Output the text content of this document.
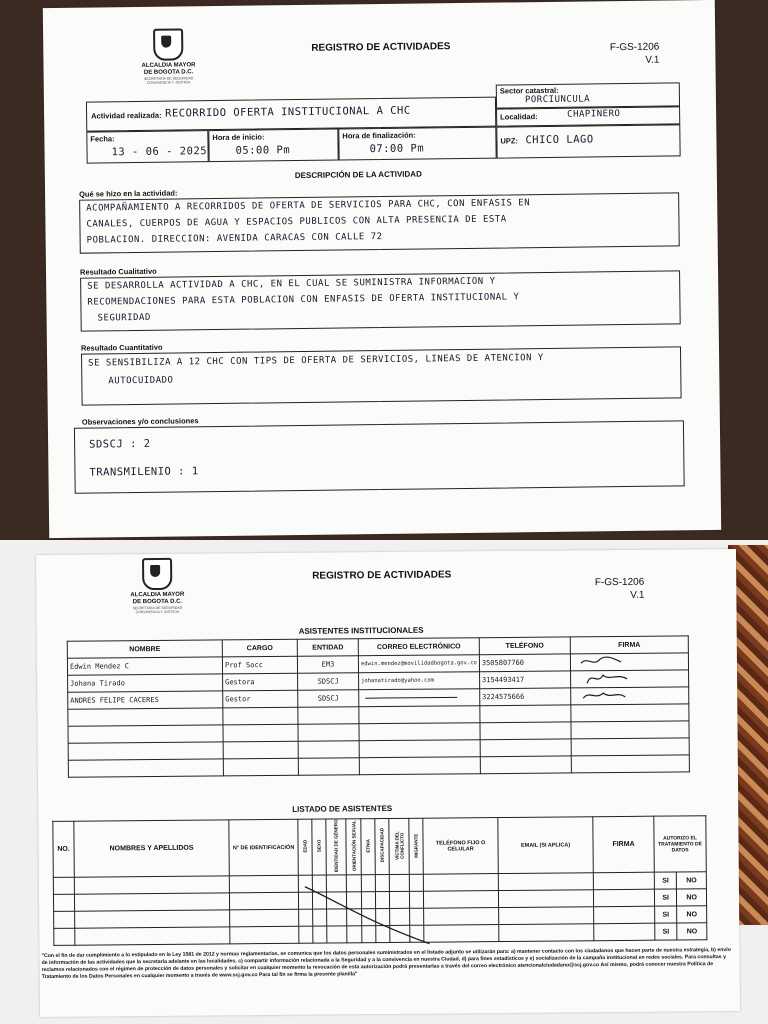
ALCALDIA MAYOR DE BOGOTA D.C.
SECRETARIA DE SEGURIDAD CONVIVENCIA Y JUSTICIA
REGISTRO DE ACTIVIDADES	F-GS-1206
V.1
Actividad realizada: RECORRIDO OFERTA INSTITUCIONAL A CHC
Sector catastral:
PORCIUNCULA
Localidad:	CHAPINERO
Fecha:
13 - 06 - 2025
Hora de inicio:
05:00 Pm
Hora de finalización:
07:00 Pm
UPZ: CHICO LAGO
DESCRIPCIÓN DE LA ACTIVIDAD
Qué se hizo en la actividad:
ACOMPAÑAMIENTO A RECORRIDOS DE OFERTA DE SERVICIOS PARA CHC, CON ENFASIS EN
CANALES, CUERPOS DE AGUA Y ESPACIOS PUBLICOS CON ALTA PRESENCIA DE ESTA
POBLACION. DIRECCION: AVENIDA CARACAS CON CALLE 72
Resultado Cualitativo
SE DESARROLLA ACTIVIDAD A CHC, EN EL CUAL SE SUMINISTRA INFORMACION Y
RECOMENDACIONES PARA ESTA POBLACION CON ENFASIS DE OFERTA INSTITUCIONAL Y
SEGURIDAD
Resultado Cuantitativo
SE SENSIBILIZA A 12 CHC CON TIPS DE OFERTA DE SERVICIOS, LINEAS DE ATENCION Y
AUTOCUIDADO
Observaciones y/o conclusiones
SDSCJ : 2
TRANSMILENIO : 1
ALCALDIA MAYOR DE BOGOTA D.C.
SECRETARIA DE SEGURIDAD CONVIVENCIA Y JUSTICIA
REGISTRO DE ACTIVIDADES
F-GS-1206
V.1
ASISTENTES INSTITUCIONALES
NOMBRE	CARGO	ENTIDAD	CORREO ELECTRÓNICO	TELÉFONO	FIRMA
Edwin Mendez C	Prof Socc	EM3	edwin.mendez@movilidadbogota.gov.co	3505807760	
Johana Tirado	Gestora	SDSCJ	johanatirado@yahoo.com	3154493417	
ANDRES FELIPE CACERES	Gestor	SDSCJ		3224575666	

LISTADO DE ASISTENTES
NO.	NOMBRES Y APELLIDOS	N° DE IDENTIFICACIÓN	EDAD	SEXO	IDENTIDAD DE GÉNERO	ORIENTACIÓN SEXUAL	ETNIA	DISCAPACIDAD	VÍCTIMA DEL CONFLICTO	MIGRANTE	TELÉFONO FIJO O CELULAR	EMAIL (SI APLICA)	FIRMA	AUTORIZO EL TRATAMIENTO DE DATOS	
														SI	NO
														SI	NO
														SI	NO
														SI	NO
"Con el fin de dar cumplimiento a lo estipulado en la Ley 1581 de 2012 y normas reglamentarias, se comunica que los datos personales suministrados en el listado adjunto se utilizarán para: a) mantener contacto con los ciudadanos que hacen parte de nuestra estrategia, b) envío de información de las actividades que la secretaría adelante en las localidades, c) compartir información relacionada a la Seguridad y a la convivencia en nuestra Ciudad, d) para fines estadísticos y e) socialización de la campaña institucional en redes sociales. Para consultas y reclamos relacionados con el régimen de protección de datos personales y solicitar en cualquier momento la revocación de esta autorización podrá presentarlas a través del correo electrónico atencionalciudadano@scj.gov.co Así mismo, podrá conocer nuestra Política de Tratamiento de los Datos Personales en cualquier momento a través de www.scj.gov.co Para tal fin se firma la presente planilla"
